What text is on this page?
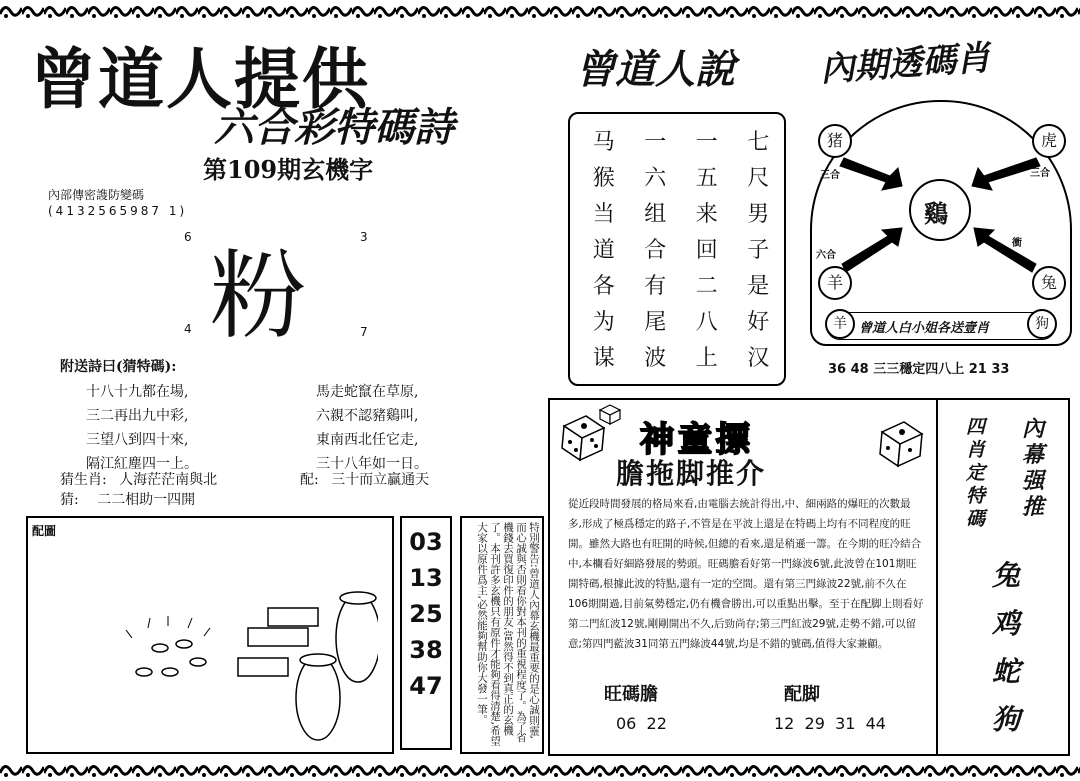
曾道人提供
六合彩特碼詩
第109期玄機字
內部傳密謢防變碼
(4132565987 1)
6	3
4	7
粉
附送詩曰(猜特碼):
十八十九都在場,
三二再出九中彩,
三望八到四十來,
隔江紅塵四一上。
馬走蛇竄在草原,
六親不認豬鷄叫,
東南西北任它走,
三十八年如一日。
猜生肖: 人海茫茫南與北	配: 三十而立贏通天
猜: 二二相助一四開
配圖	03
13
25
38
47	特別警告:曾道人內幕玄機最重要的是心誠則靈,而心誠與否則看你對本刊的重視程度了。為了省機錢去買復印件的朋友,當然得不到真正的玄機了。本刊許多玄機只有原件才能夠看得清楚,希望大家以原件爲主,必然能夠幫助你大發一筆。
曾道人說
马	一	一	七
猴	六	五	尺
当	组	来	男
道	合	回	子
各	有	二	是
为	尾	八	好
谋	波	上	汉
內期透碼肖
鷄
猪	虎
羊	兔
三合	三合
六合
衝
羊 曾道人白小姐各送壹肖	狗
36 48 三三穩定四八上 21 33
神童摽
膽拖脚推介
從近段時間發展的格局來看,由電腦去統計得出,中、細兩路的爆旺的次數最多,形成了極爲穩定的路子,不管是在平波上還是在特碼上均有不同程度的旺開。雖然大路也有旺開的時候,但總的看來,還是稍遜一籌。在今期的旺冷結合中,本欄看好細路發展的勢頭。旺碼膽看好第一門綠波6號,此波曾在101期旺開特碼,根據此波的特點,還有一定的空間。還有第三門綠波22號,前不久在106期開過,目前氣勢穩定,仍有機會勝出,可以重點出擊。至于在配脚上則看好第二門紅波12號,剛剛開出不久,后勁尚存;第三門紅波29號,走勢不錯,可以留意;第四門藍波31同第五門綠波44號,均是不錯的號碼,值得大家兼顧。
旺碼膽
06  22
配脚
12  29  31  44
四肖定特碼
內幕强推
兔
鸡
蛇
狗
